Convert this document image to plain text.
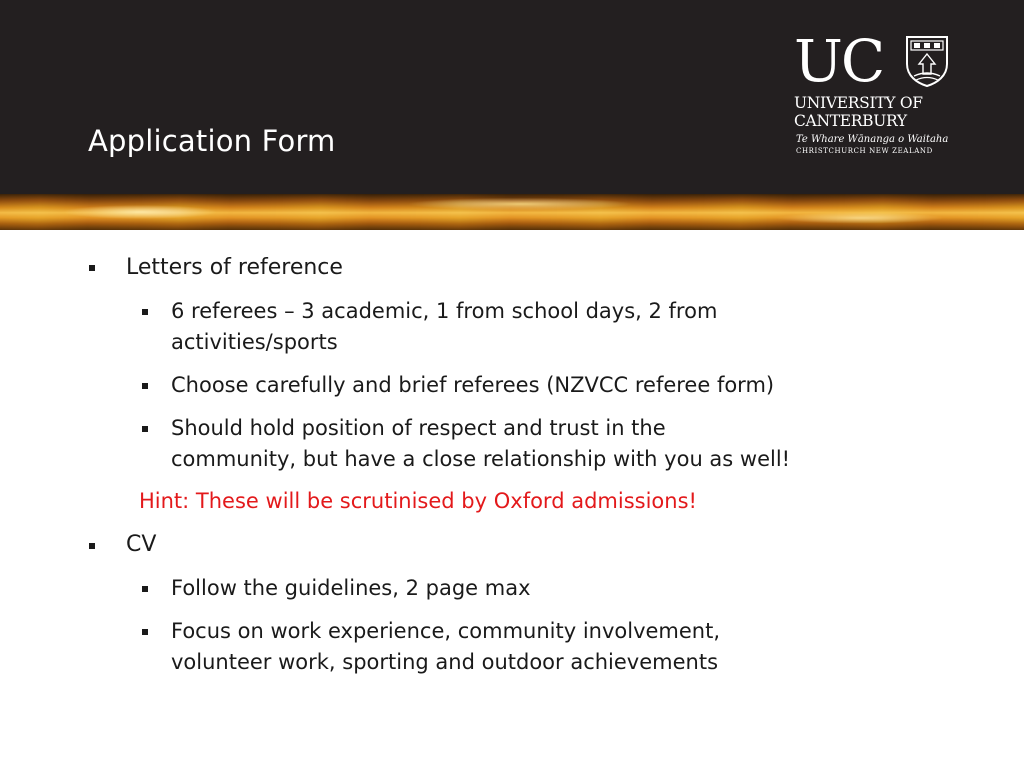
Application Form
UC
UNIVERSITY OF
CANTERBURY
Te Whare Wānanga o Waitaha
CHRISTCHURCH NEW ZEALAND
Letters of reference
6 referees – 3 academic, 1 from school days, 2 from
activities/sports
Choose carefully and brief referees (NZVCC referee form)
Should hold position of respect and trust in the
community, but have a close relationship with you as well!
Hint: These will be scrutinised by Oxford admissions!
CV
Follow the guidelines, 2 page max
Focus on work experience, community involvement,
volunteer work, sporting and outdoor achievements
